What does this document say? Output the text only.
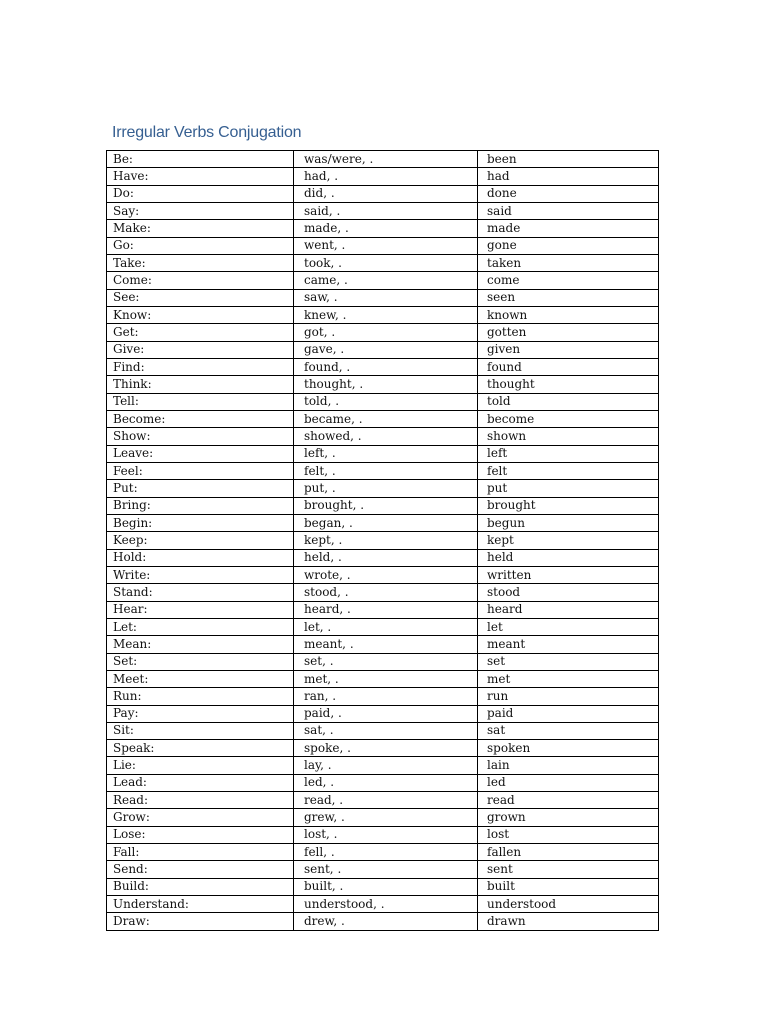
Irregular Verbs Conjugation
Be:	was/were, .	been
Have:	had, .	had
Do:	did, .	done
Say:	said, .	said
Make:	made, .	made
Go:	went, .	gone
Take:	took, .	taken
Come:	came, .	come
See:	saw, .	seen
Know:	knew, .	known
Get:	got, .	gotten
Give:	gave, .	given
Find:	found, .	found
Think:	thought, .	thought
Tell:	told, .	told
Become:	became, .	become
Show:	showed, .	shown
Leave:	left, .	left
Feel:	felt, .	felt
Put:	put, .	put
Bring:	brought, .	brought
Begin:	began, .	begun
Keep:	kept, .	kept
Hold:	held, .	held
Write:	wrote, .	written
Stand:	stood, .	stood
Hear:	heard, .	heard
Let:	let, .	let
Mean:	meant, .	meant
Set:	set, .	set
Meet:	met, .	met
Run:	ran, .	run
Pay:	paid, .	paid
Sit:	sat, .	sat
Speak:	spoke, .	spoken
Lie:	lay, .	lain
Lead:	led, .	led
Read:	read, .	read
Grow:	grew, .	grown
Lose:	lost, .	lost
Fall:	fell, .	fallen
Send:	sent, .	sent
Build:	built, .	built
Understand:	understood, .	understood
Draw:	drew, .	drawn
